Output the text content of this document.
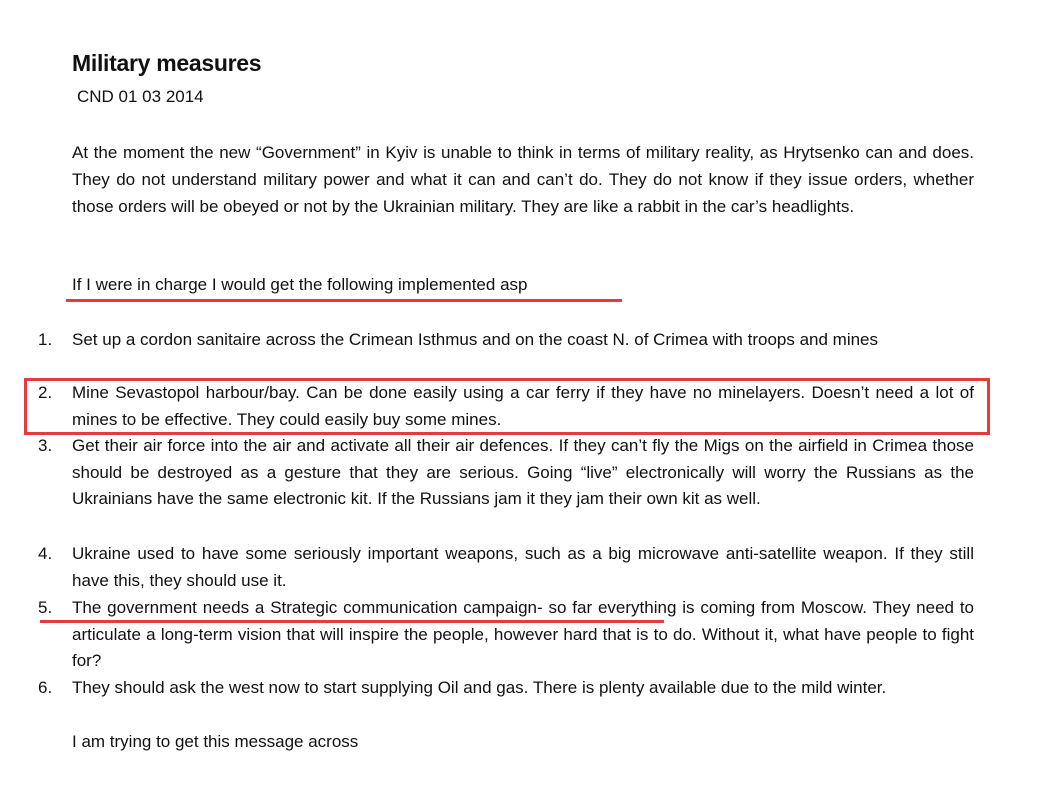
Military measures
CND 01 03 2014

At the moment the new “Government” in Kyiv is unable to think in terms of military reality, as Hrytsenko can and does. They do not understand military power and what it can and can’t do. They do not know if they issue orders, whether those orders will be obeyed or not by the Ukrainian military. They are like a rabbit in the car’s headlights.

If I were in charge I would get the following implemented asp
1.	Set up a cordon sanitaire across the Crimean Isthmus and on the coast N. of Crimea with troops and mines
2.	Mine Sevastopol harbour/bay. Can be done easily using a car ferry if they have no minelayers. Doesn’t need a lot of mines to be effective. They could easily buy some mines.
3.	Get their air force into the air and activate all their air defences. If they can’t fly the Migs on the airfield in Crimea those should be destroyed as a gesture that they are serious. Going “live” electronically will worry the Russians as the Ukrainians have the same electronic kit. If the Russians jam it they jam their own kit as well.
4.	Ukraine used to have some seriously important weapons, such as a big microwave anti-satellite weapon. If they still have this, they should use it.
5.	The government needs a Strategic communication campaign- so far everything is coming from Moscow. They need to articulate a long-term vision that will inspire the people, however hard that is to do. Without it, what have people to fight for?
6.	They should ask the west now to start supplying Oil and gas. There is plenty available due to the mild winter.
I am trying to get this message across
